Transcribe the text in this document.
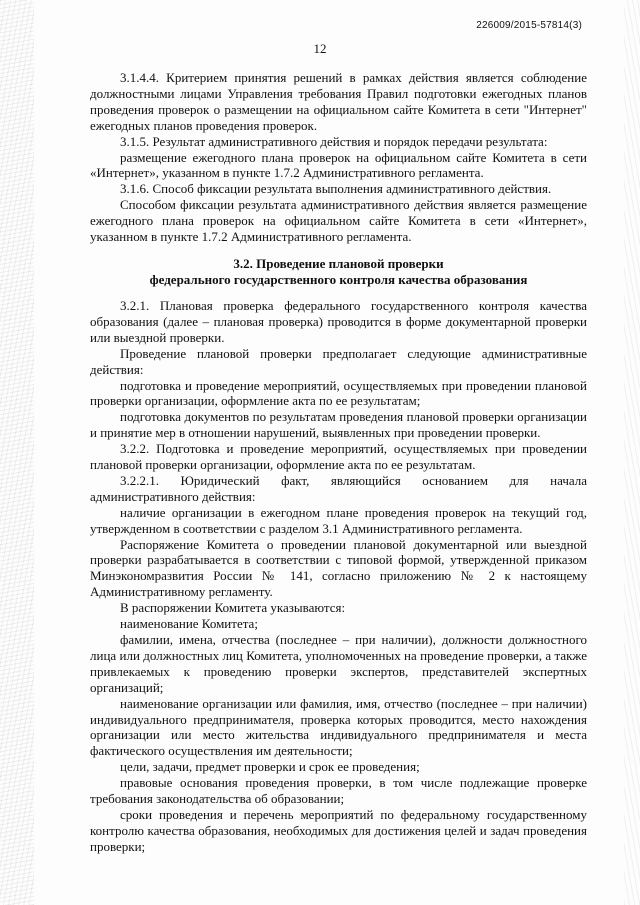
226009/2015-57814(3)
12

3.1.4.4. Критерием принятия решений в рамках действия является соблюдение должностными лицами Управления требования Правил подготовки ежегодных планов проведения проверок о размещении на официальном сайте Комитета в сети "Интернет" ежегодных планов проведения проверок.

3.1.5. Результат административного действия и порядок передачи результата:

размещение ежегодного плана проверок на официальном сайте Комитета в сети «Интернет», указанном в пункте 1.7.2 Административного регламента.

3.1.6. Способ фиксации результата выполнения административного действия.

Способом фиксации результата административного действия является размещение ежегодного плана проверок на официальном сайте Комитета в сети «Интернет», указанном в пункте 1.7.2 Административного регламента.

3.2. Проведение плановой проверки
федерального государственного контроля качества образования

3.2.1. Плановая проверка федерального государственного контроля качества образования (далее – плановая проверка) проводится в форме документарной проверки или выездной проверки.

Проведение плановой проверки предполагает следующие административные действия:

подготовка и проведение мероприятий, осуществляемых при проведении плановой проверки организации, оформление акта по ее результатам;

подготовка документов по результатам проведения плановой проверки организации и принятие мер в отношении нарушений, выявленных при проведении проверки.

3.2.2. Подготовка и проведение мероприятий, осуществляемых при проведении плановой проверки организации, оформление акта по ее результатам.

3.2.2.1. Юридический факт, являющийся основанием для начала административного действия:

наличие организации в ежегодном плане проведения проверок на текущий год, утвержденном в соответствии с разделом 3.1 Административного регламента.

Распоряжение Комитета о проведении плановой документарной или выездной проверки разрабатывается в соответствии с типовой формой, утвержденной приказом Минэкономразвития России № 141, согласно приложению № 2 к настоящему Административному регламенту.

В распоряжении Комитета указываются:

наименование Комитета;

фамилии, имена, отчества (последнее – при наличии), должности должностного лица или должностных лиц Комитета, уполномоченных на проведение проверки, а также привлекаемых к проведению проверки экспертов, представителей экспертных организаций;

наименование организации или фамилия, имя, отчество (последнее – при наличии) индивидуального предпринимателя, проверка которых проводится, место нахождения организации или место жительства индивидуального предпринимателя и места фактического осуществления им деятельности;

цели, задачи, предмет проверки и срок ее проведения;

правовые основания проведения проверки, в том числе подлежащие проверке требования законодательства об образовании;

сроки проведения и перечень мероприятий по федеральному государственному контролю качества образования, необходимых для достижения целей и задач проведения проверки;
